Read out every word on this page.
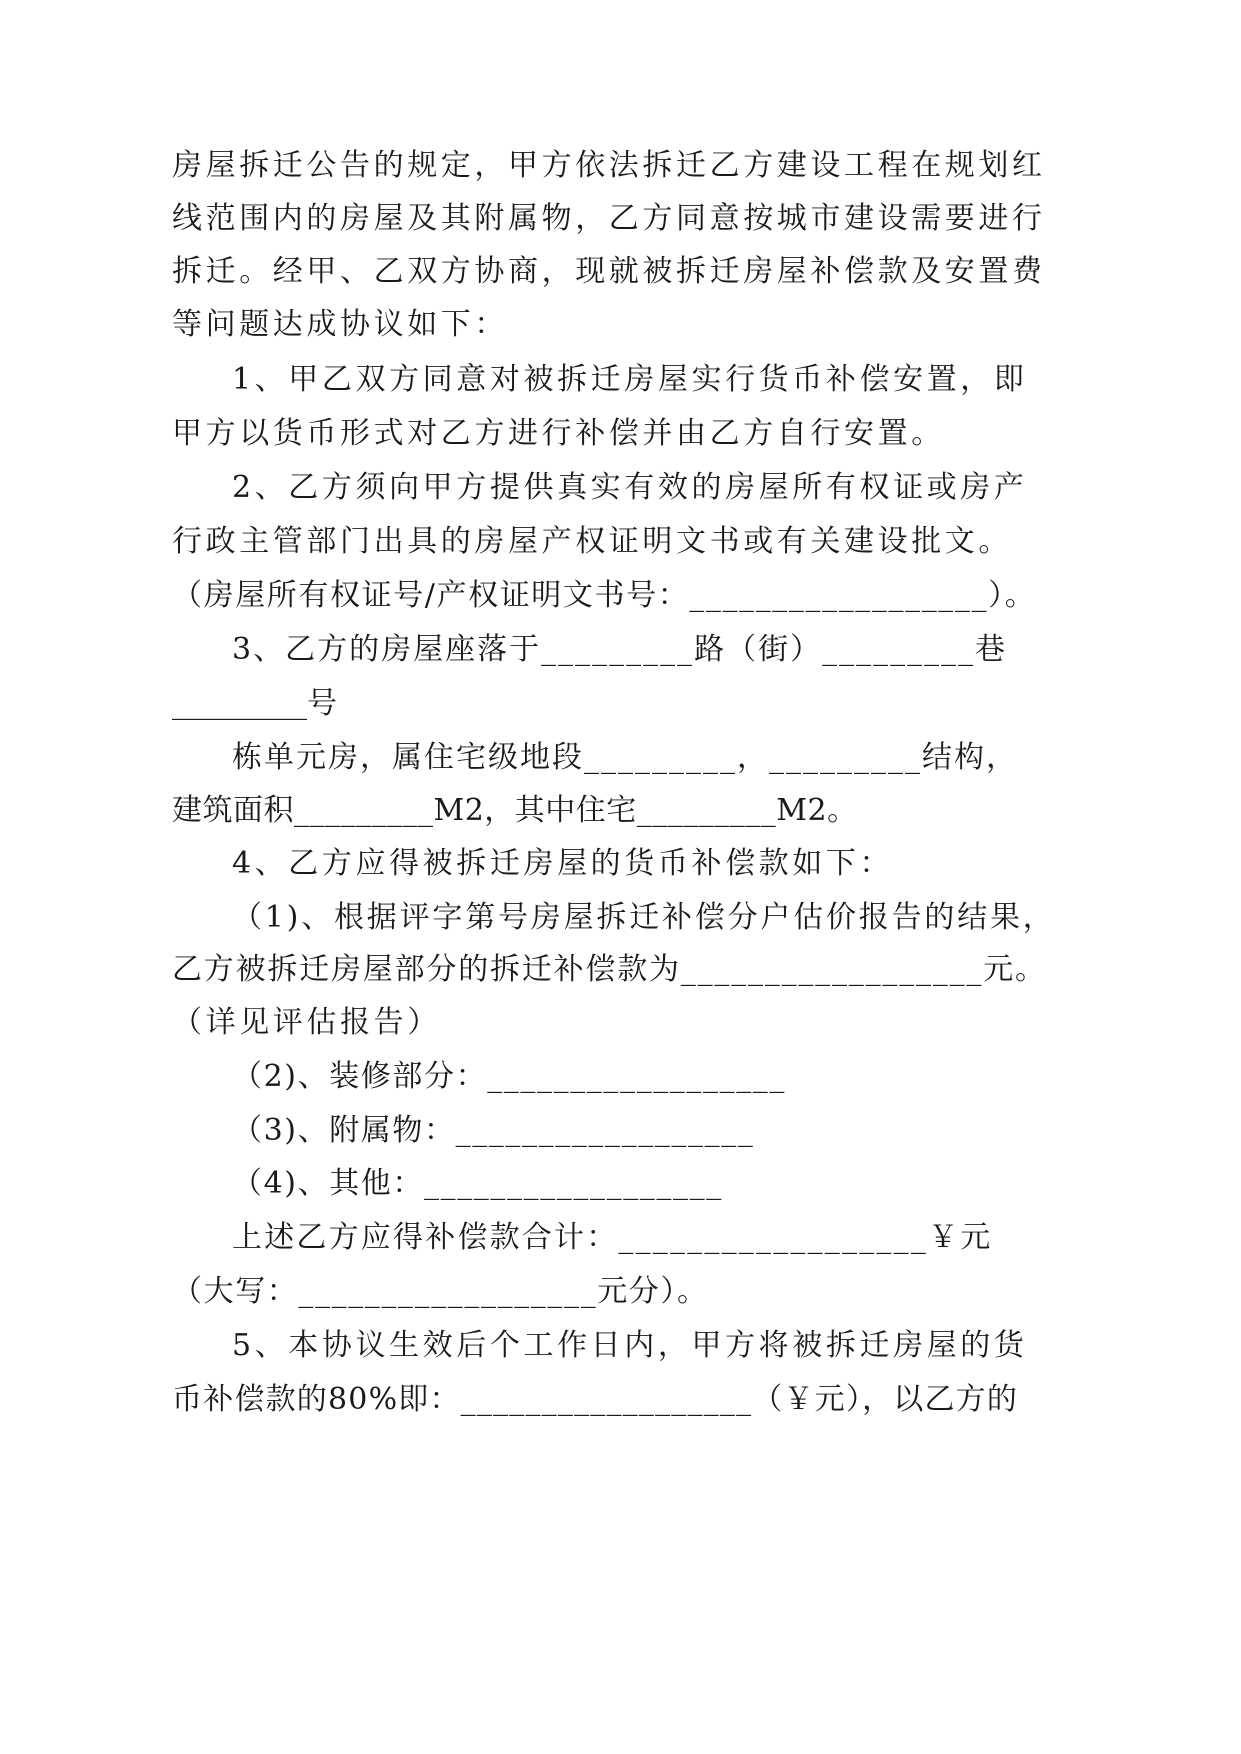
房屋拆迁公告的规定，甲方依法拆迁乙方建设工程在规划红
线范围内的房屋及其附属物，乙方同意按城市建设需要进行
拆迁。经甲、乙双方协商，现就被拆迁房屋补偿款及安置费
等问题达成协议如下：
1、甲乙双方同意对被拆迁房屋实行货币补偿安置，即
甲方以货币形式对乙方进行补偿并由乙方自行安置。
2、乙方须向甲方提供真实有效的房屋所有权证或房产
行政主管部门出具的房屋产权证明文书或有关建设批文。
（房屋所有权证号/产权证明文书号：__________________）。
3、乙方的房屋座落于_________路（街）_________巷
_________号
栋单元房，属住宅级地段_________，_________结构，
建筑面积_________M2，其中住宅_________M2。
4、乙方应得被拆迁房屋的货币补偿款如下：
（1)、根据评字第号房屋拆迁补偿分户估价报告的结果，
乙方被拆迁房屋部分的拆迁补偿款为__________________元。
（详见评估报告）
（2)、装修部分：__________________
（3)、附属物：__________________
（4)、其他：__________________
上述乙方应得补偿款合计：__________________￥元
（大写：__________________元分）。
5、本协议生效后个工作日内，甲方将被拆迁房屋的货
币补偿款的80%即：__________________（￥元），以乙方的
